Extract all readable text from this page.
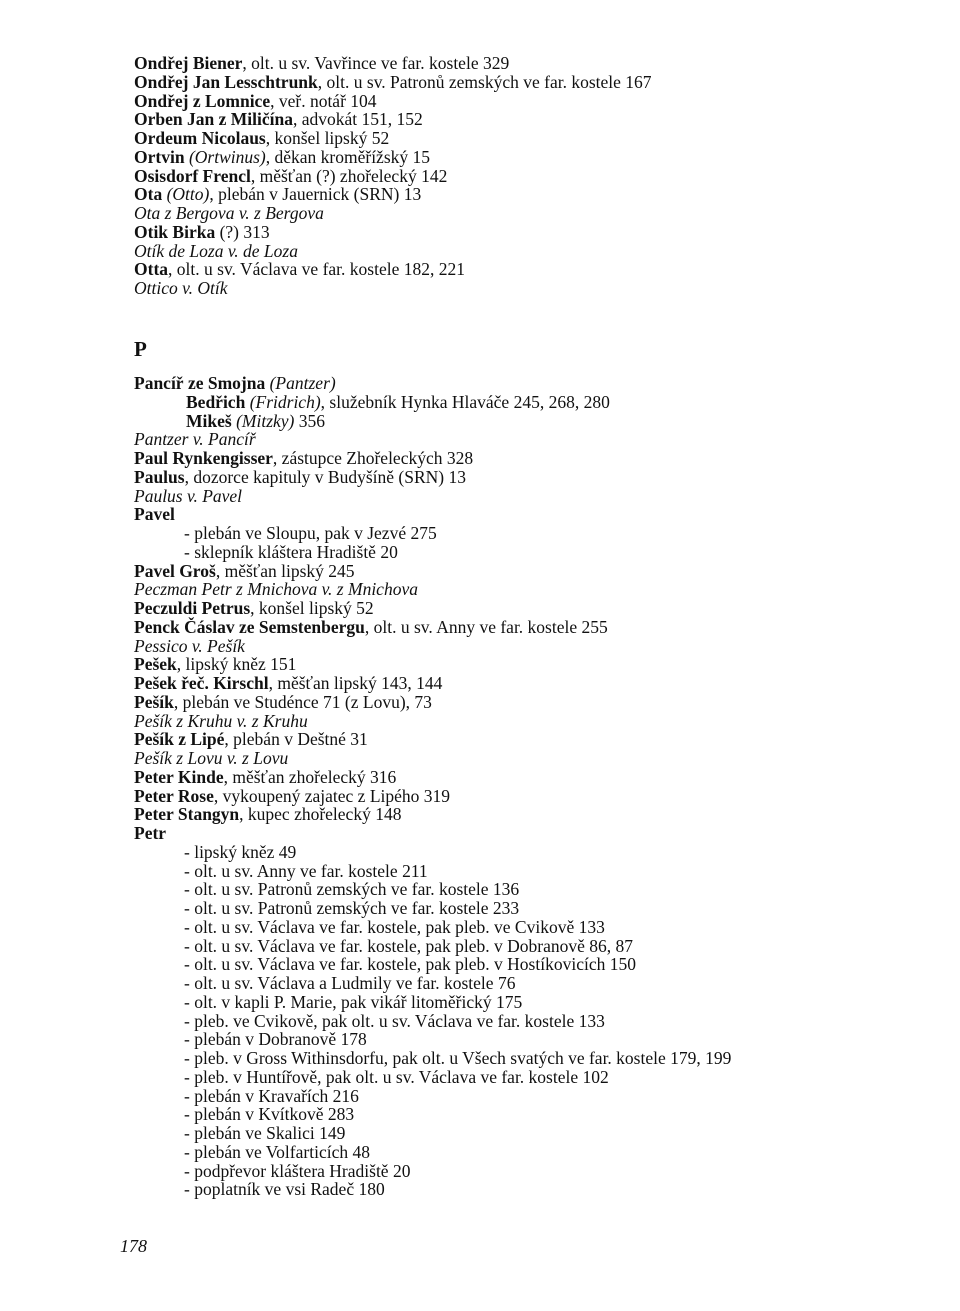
Ondřej Biener, olt. u sv. Vavřince ve far. kostele 329
Ondřej Jan Lesschtrunk, olt. u sv. Patronů zemských ve far. kostele 167
Ondřej z Lomnice, veř. notář 104
Orben Jan z Miličína, advokát 151, 152
Ordeum Nicolaus, konšel lipský 52
Ortvin (Ortwinus), děkan kroměřížský 15
Osisdorf Frencl, měšťan (?) zhořelecký 142
Ota (Otto), plebán v Jauernick (SRN) 13
Ota z Bergova v. z Bergova
Otik Birka (?) 313
Otík de Loza v. de Loza
Otta, olt. u sv. Václava ve far. kostele 182, 221
Ottico v. Otík
P
Pancíř ze Smojna (Pantzer)
Bedřich (Fridrich), služebník Hynka Hlaváče 245, 268, 280
Mikeš (Mitzky) 356
Pantzer v. Pancíř
Paul Rynkengisser, zástupce Zhořeleckých 328
Paulus, dozorce kapituly v Budyšíně (SRN) 13
Paulus v. Pavel
Pavel
- plebán ve Sloupu, pak v Jezvé 275
- sklepník kláštera Hradiště 20
Pavel Groš, měšťan lipský 245
Peczman Petr z Mnichova v. z Mnichova
Peczuldi Petrus, konšel lipský 52
Penck Čáslav ze Semstenbergu, olt. u sv. Anny ve far. kostele 255
Pessico v. Pešík
Pešek, lipský kněz 151
Pešek řeč. Kirschl, měšťan lipský 143, 144
Pešík, plebán ve Studénce 71 (z Lovu), 73
Pešík z Kruhu v. z Kruhu
Pešík z Lipé, plebán v Deštné 31
Pešík z Lovu v. z Lovu
Peter Kinde, měšťan zhořelecký 316
Peter Rose, vykoupený zajatec z Lipého 319
Peter Stangyn, kupec zhořelecký 148
Petr
- lipský kněz 49
- olt. u sv. Anny ve far. kostele 211
- olt. u sv. Patronů zemských ve far. kostele 136
- olt. u sv. Patronů zemských ve far. kostele 233
- olt. u sv. Václava ve far. kostele, pak pleb. ve Cvikově 133
- olt. u sv. Václava ve far. kostele, pak pleb. v Dobranově 86, 87
- olt. u sv. Václava ve far. kostele, pak pleb. v Hostíkovicích 150
- olt. u sv. Václava a Ludmily ve far. kostele 76
- olt. v kapli P. Marie, pak vikář litoměřický 175
- pleb. ve Cvikově, pak olt. u sv. Václava ve far. kostele 133
- plebán v Dobranově 178
- pleb. v Gross Withinsdorfu, pak olt. u Všech svatých ve far. kostele 179, 199
- pleb. v Huntířově, pak olt. u sv. Václava ve far. kostele 102
- plebán v Kravařích 216
- plebán v Kvítkově 283
- plebán ve Skalici 149
- plebán ve Volfarticích 48
- podpřevor kláštera Hradiště 20
- poplatník ve vsi Radeč 180
178
